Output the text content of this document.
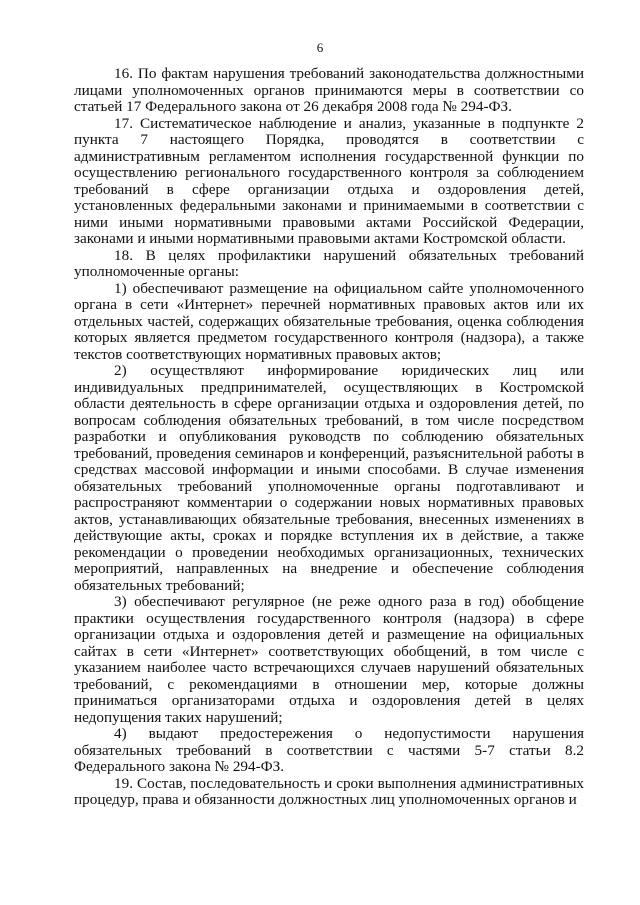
6

16. По фактам нарушения требований законодательства должностными лицами уполномоченных органов принимаются меры в соответствии со статьей 17 Федерального закона от 26 декабря 2008 года № 294-ФЗ.

17. Систематическое наблюдение и анализ, указанные в подпункте 2 пункта 7 настоящего Порядка, проводятся в соответствии с административным регламентом исполнения государственной функции по осуществлению регионального государственного контроля за соблюдением требований в сфере организации отдыха и оздоровления детей, установленных федеральными законами и принимаемыми в соответствии с ними иными нормативными правовыми актами Российской Федерации, законами и иными нормативными правовыми актами Костромской области.

18. В целях профилактики нарушений обязательных требований уполномоченные органы:

1) обеспечивают размещение на официальном сайте уполномоченного органа в сети «Интернет» перечней нормативных правовых актов или их отдельных частей, содержащих обязательные требования, оценка соблюдения которых является предметом государственного контроля (надзора), а также текстов соответствующих нормативных правовых актов;

2) осуществляют информирование юридических лиц или индивидуальных предпринимателей, осуществляющих в Костромской области деятельность в сфере организации отдыха и оздоровления детей, по вопросам соблюдения обязательных требований, в том числе посредством разработки и опубликования руководств по соблюдению обязательных требований, проведения семинаров и конференций, разъяснительной работы в средствах массовой информации и иными способами. В случае изменения обязательных требований уполномоченные органы подготавливают и распространяют комментарии о содержании новых нормативных правовых актов, устанавливающих обязательные требования, внесенных изменениях в действующие акты, сроках и порядке вступления их в действие, а также рекомендации о проведении необходимых организационных, технических мероприятий, направленных на внедрение и обеспечение соблюдения обязательных требований;

3) обеспечивают регулярное (не реже одного раза в год) обобщение практики осуществления государственного контроля (надзора) в сфере организации отдыха и оздоровления детей и размещение на официальных сайтах в сети «Интернет» соответствующих обобщений, в том числе с указанием наиболее часто встречающихся случаев нарушений обязательных требований, с рекомендациями в отношении мер, которые должны приниматься организаторами отдыха и оздоровления детей в целях недопущения таких нарушений;

4) выдают предостережения о недопустимости нарушения обязательных требований в соответствии с частями 5-7 статьи 8.2 Федерального закона № 294-ФЗ.

19. Состав, последовательность и сроки выполнения административных процедур, права и обязанности должностных лиц уполномоченных органов и
